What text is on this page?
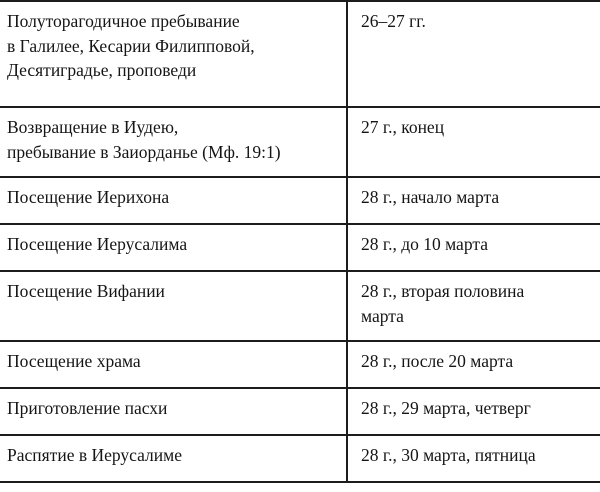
Полуторагодичное пребывание
в Галилее, Кесарии Филипповой,
Десятиградье, проповеди	26–27 гг.

Возвращение в Иудею,
пребывание в Заиорданье (Мф. 19:1)	27 г., конец

Посещение Иерихона	28 г., начало марта

Посещение Иерусалима	28 г., до 10 марта

Посещение Вифании	28 г., вторая половина
марта

Посещение храма	28 г., после 20 марта

Приготовление пасхи	28 г., 29 марта, четверг

Распятие в Иерусалиме	28 г., 30 марта, пятница
